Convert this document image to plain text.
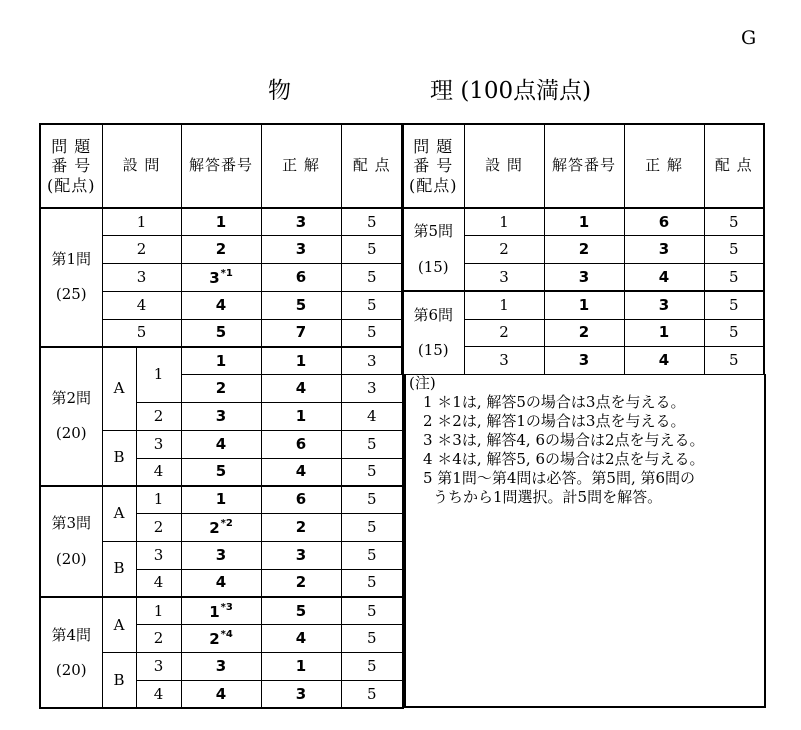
G
物	理 (100点満点)
問 題
番 号
(配点)	設 問		解答番号	正 解	配 点
第1問
(25)	1		1	3	5
	2		2	3	5
	3		3$^{*1}$	6	5
	4		4	5	5
	5		5	7	5
第2問
(20)	A	1	1	1	3
			2	4	3
		2	3	1	4
	B	3	4	6	5
		4	5	4	5
第3問
(20)	A	1	1	6	5
		2	2$^{*2}$	2	5
	B	3	3	3	5
		4	4	2	5
第4問
(20)	A	1	1$^{*3}$	5	5
		2	2$^{*4}$	4	5
	B	3	3	1	5
		4	4	3	5
問 題
番 号
(配点)	設 問	解答番号	正 解	配 点
第5問
(15)	1	1	6	5
	2	2	3	5
	3	3	4	5
第6問
(15)	1	1	3	5
	2	2	1	5
	3	3	4	5
(注)
1 ＊1は, 解答5の場合は3点を与える。
2 ＊2は, 解答1の場合は3点を与える。
3 ＊3は, 解答4, 6の場合は2点を与える。
4 ＊4は, 解答5, 6の場合は2点を与える。
5 第1問～第4問は必答。第5問, 第6問の
うちから1問選択。計5問を解答。
